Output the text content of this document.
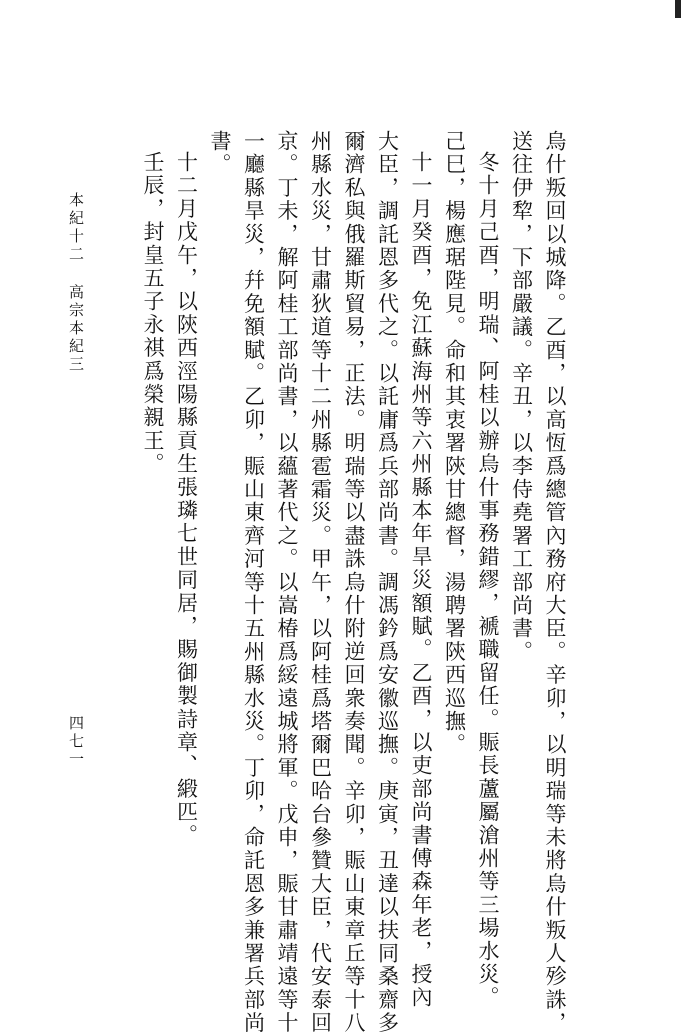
本紀十二高宗本紀三
四七一	烏什叛回以城降。乙酉，以高恆爲總管內務府大臣。辛卯，以明瑞等未將烏什叛人殄誅，

送往伊犂，下部嚴議。辛丑，以李侍堯署工部尚書。

冬十月己酉，明瑞、阿桂以辦烏什事務錯繆，褫職留任。賑長蘆屬滄州等三場水災。

己巳，楊應琚陛見。命和其衷署陝甘總督，湯聘署陝西巡撫。

十一月癸酉，免江蘇海州等六州縣本年旱災額賦。乙酉，以吏部尚書傅森年老，授內

大臣，調託恩多代之。以託庸爲兵部尚書。調馮鈐爲安徽巡撫。庚寅，丑達以扶同桑齋多

爾濟私與俄羅斯貿易，正法。明瑞等以盡誅烏什附逆回衆奏聞。辛卯，賑山東章丘等十八

州縣水災，甘肅狄道等十二州縣雹霜災。甲午，以阿桂爲塔爾巴哈台參贊大臣，代安泰回

京。丁未，解阿桂工部尚書，以蘊著代之。以嵩椿爲綏遠城將軍。戊申，賑甘肅靖遠等十

一廳縣旱災，幷免額賦。乙卯，賑山東齊河等十五州縣水災。丁卯，命託恩多兼署兵部尚

書。

十二月戊午，以陝西涇陽縣貢生張璘七世同居，賜御製詩章、緞匹。

壬辰，封皇五子永祺爲榮親王。
